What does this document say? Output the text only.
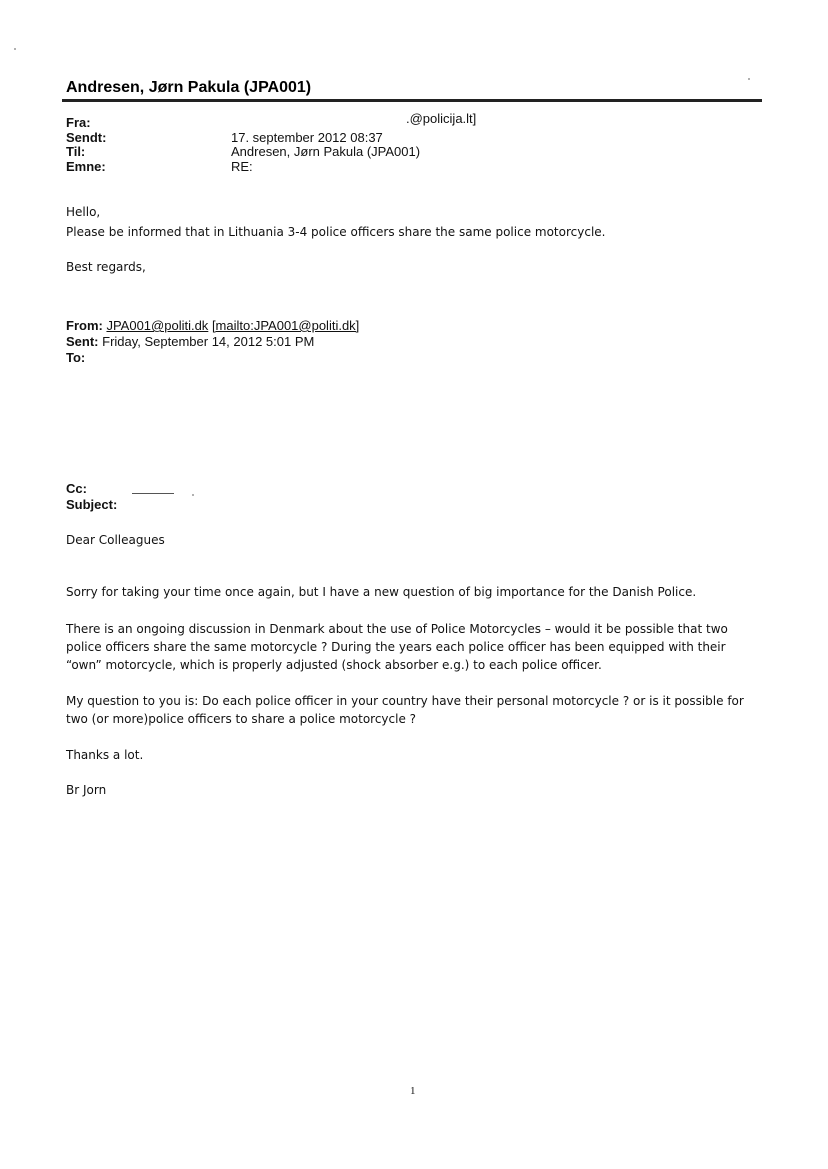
Andresen, Jørn Pakula (JPA001)
Fra:	.@policija.lt]
Sendt:	17. september 2012 08:37
Til:	Andresen, Jørn Pakula (JPA001)
Emne:	RE:
Hello,
Please be informed that in Lithuania 3-4 police officers share the same police motorcycle.
Best regards,
From: JPA001@politi.dk [mailto:JPA001@politi.dk]
Sent: Friday, September 14, 2012 5:01 PM
To:
Cc:
Subject:
Dear Colleagues
Sorry for taking your time once again, but I have a new question of big importance for the Danish Police.
There is an ongoing discussion in Denmark about the use of Police Motorcycles – would it be possible that two
police officers share the same motorcycle ? During the years each police officer has been equipped with their
“own” motorcycle, which is properly adjusted (shock absorber e.g.) to each police officer.
My question to you is: Do each police officer in your country have their personal motorcycle ? or is it possible for
two (or more)police officers to share a police motorcycle ?
Thanks a lot.
Br Jorn
1
